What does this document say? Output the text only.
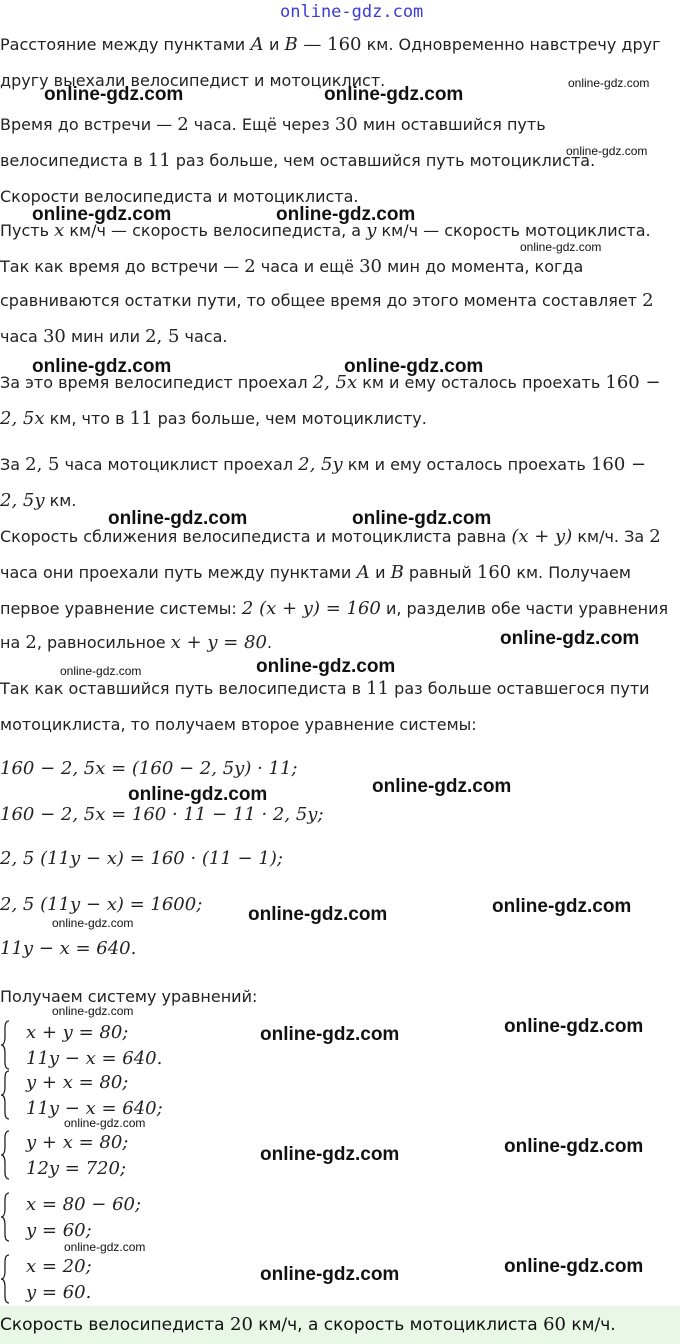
online-gdz.com
online-gdz.com
online-gdz.com	online-gdz.com
online-gdz.com
online-gdz.com	online-gdz.com
online-gdz.com
online-gdz.com	online-gdz.com
online-gdz.com	online-gdz.com
online-gdz.com
online-gdz.com
online-gdz.com
online-gdz.com
online-gdz.com
online-gdz.com
online-gdz.com
online-gdz.com
online-gdz.com
online-gdz.com
online-gdz.com
online-gdz.com
online-gdz.com
online-gdz.com
online-gdz.com
online-gdz.com
online-gdz.com
Расстояние между пунктами А и B — 160 км. Одновременно навстречу друг
другу выехали велосипедист и мотоциклист.
Время до встречи — 2 часа. Ещё через 30 мин оставшийся путь
велосипедиста в 11 раз больше, чем оставшийся путь мотоциклиста.
Скорости велосипедиста и мотоциклиста.
Пусть x км/ч — скорость велосипедиста, а y км/ч — скорость мотоциклиста.
Так как время до встречи — 2 часа и ещё 30 мин до момента, когда
сравниваются остатки пути, то общее время до этого момента составляет 2
часа 30 мин или 2, 5 часа.
За это время велосипедист проехал 2, 5x км и ему осталось проехать 160 −
2, 5x км, что в 11 раз больше, чем мотоциклисту.
За 2, 5 часа мотоциклист проехал 2, 5y км и ему осталось проехать 160 −
2, 5y км.
Скорость сближения велосипедиста и мотоциклиста равна (x + y) км/ч. За 2
часа они проехали путь между пунктами А и B равный 160 км. Получаем
первое уравнение системы: 2 (x + y) = 160 и, разделив обе части уравнения
на 2, равносильное x + y = 80.
Так как оставшийся путь велосипедиста в 11 раз больше оставшегося пути
мотоциклиста, то получаем второе уравнение системы:
160 − 2, 5x = (160 − 2, 5y) · 11;
160 − 2, 5x = 160 · 11 − 11 · 2, 5y;
2, 5 (11y − x) = 160 · (11 − 1);
2, 5 (11y − x) = 1600;
11y − x = 640.
Получаем систему уравнений:
x + y = 80;
11y − x = 640.
y + x = 80;
11y − x = 640;
y + x = 80;
12y = 720;
x = 80 − 60;
y = 60;
x = 20;
y = 60.
Скорость велосипедиста 20 км/ч, а скорость мотоциклиста 60 км/ч.
